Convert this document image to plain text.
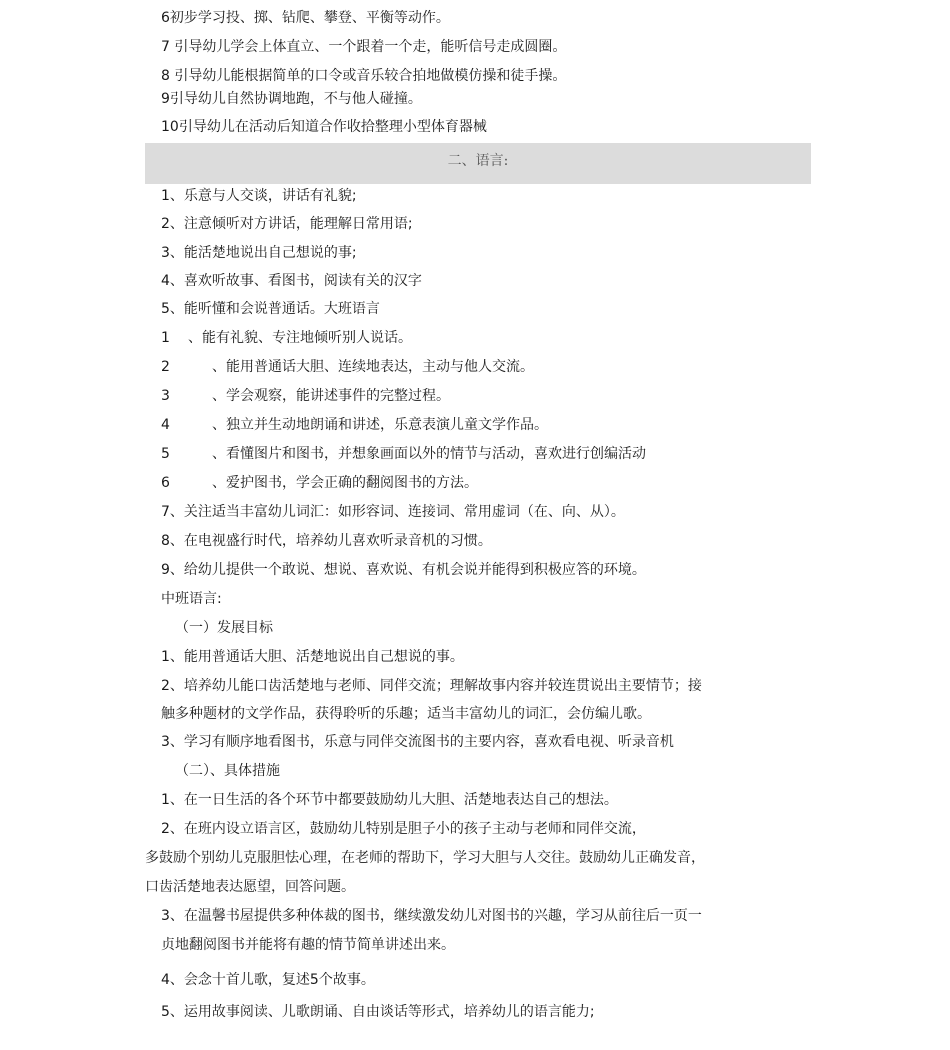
6初步学习投、掷、钻爬、攀登、平衡等动作。
7 引导幼儿学会上体直立、一个跟着一个走，能听信号走成圆圈。
8 引导幼儿能根据简单的口令或音乐较合拍地做模仿操和徒手操。
9引导幼儿自然协调地跑，不与他人碰撞。
10引导幼儿在活动后知道合作收拾整理小型体育器械
二、语言:
1、乐意与人交谈，讲话有礼貌;
2、注意倾听对方讲话，能理解日常用语;
3、能活楚地说出自己想说的事;
4、喜欢听故事、看图书，阅读有关的汉字
5、能听懂和会说普通话。大班语言
1 、能有礼貌、专注地倾听别人说话。
2	、能用普通话大胆、连续地表达，主动与他人交流。
3	、学会观察，能讲述事件的完整过程。
4	、独立并生动地朗诵和讲述，乐意表演儿童文学作品。
5	、看懂图片和图书，并想象画面以外的情节与活动，喜欢进行创编活动
6	、爱护图书，学会正确的翻阅图书的方法。
7、关注适当丰富幼儿词汇：如形容词、连接词、常用虚词（在、向、从）。
8、在电视盛行时代，培养幼儿喜欢听录音机的习惯。
9、给幼儿提供一个敢说、想说、喜欢说、有机会说并能得到积极应答的环境。
中班语言:
（一）发展目标
1、能用普通话大胆、活楚地说出自己想说的事。
2、培养幼儿能口齿活楚地与老师、同伴交流；理解故事内容并较连贯说出主要情节；接
触多种题材的文学作品，获得聆听的乐趣；适当丰富幼儿的词汇，会仿编儿歌。
3、学习有顺序地看图书，乐意与同伴交流图书的主要内容，喜欢看电视、听录音机
（二）、具体措施
1、在一日生活的各个环节中都要鼓励幼儿大胆、活楚地表达自己的想法。
2、在班内设立语言区，鼓励幼儿特别是胆子小的孩子主动与老师和同伴交流，
多鼓励个别幼儿克服胆怯心理，在老师的帮助下，学习大胆与人交往。鼓励幼儿正确发音，
口齿活楚地表达愿望，回答问题。
3、在温馨书屋提供多种体裁的图书，继续激发幼儿对图书的兴趣，学习从前往后一页一
贞地翻阅图书并能将有趣的情节简单讲述出来。
4、会念十首儿歌，复述5个故事。
5、运用故事阅读、儿歌朗诵、自由谈话等形式，培养幼儿的语言能力;
